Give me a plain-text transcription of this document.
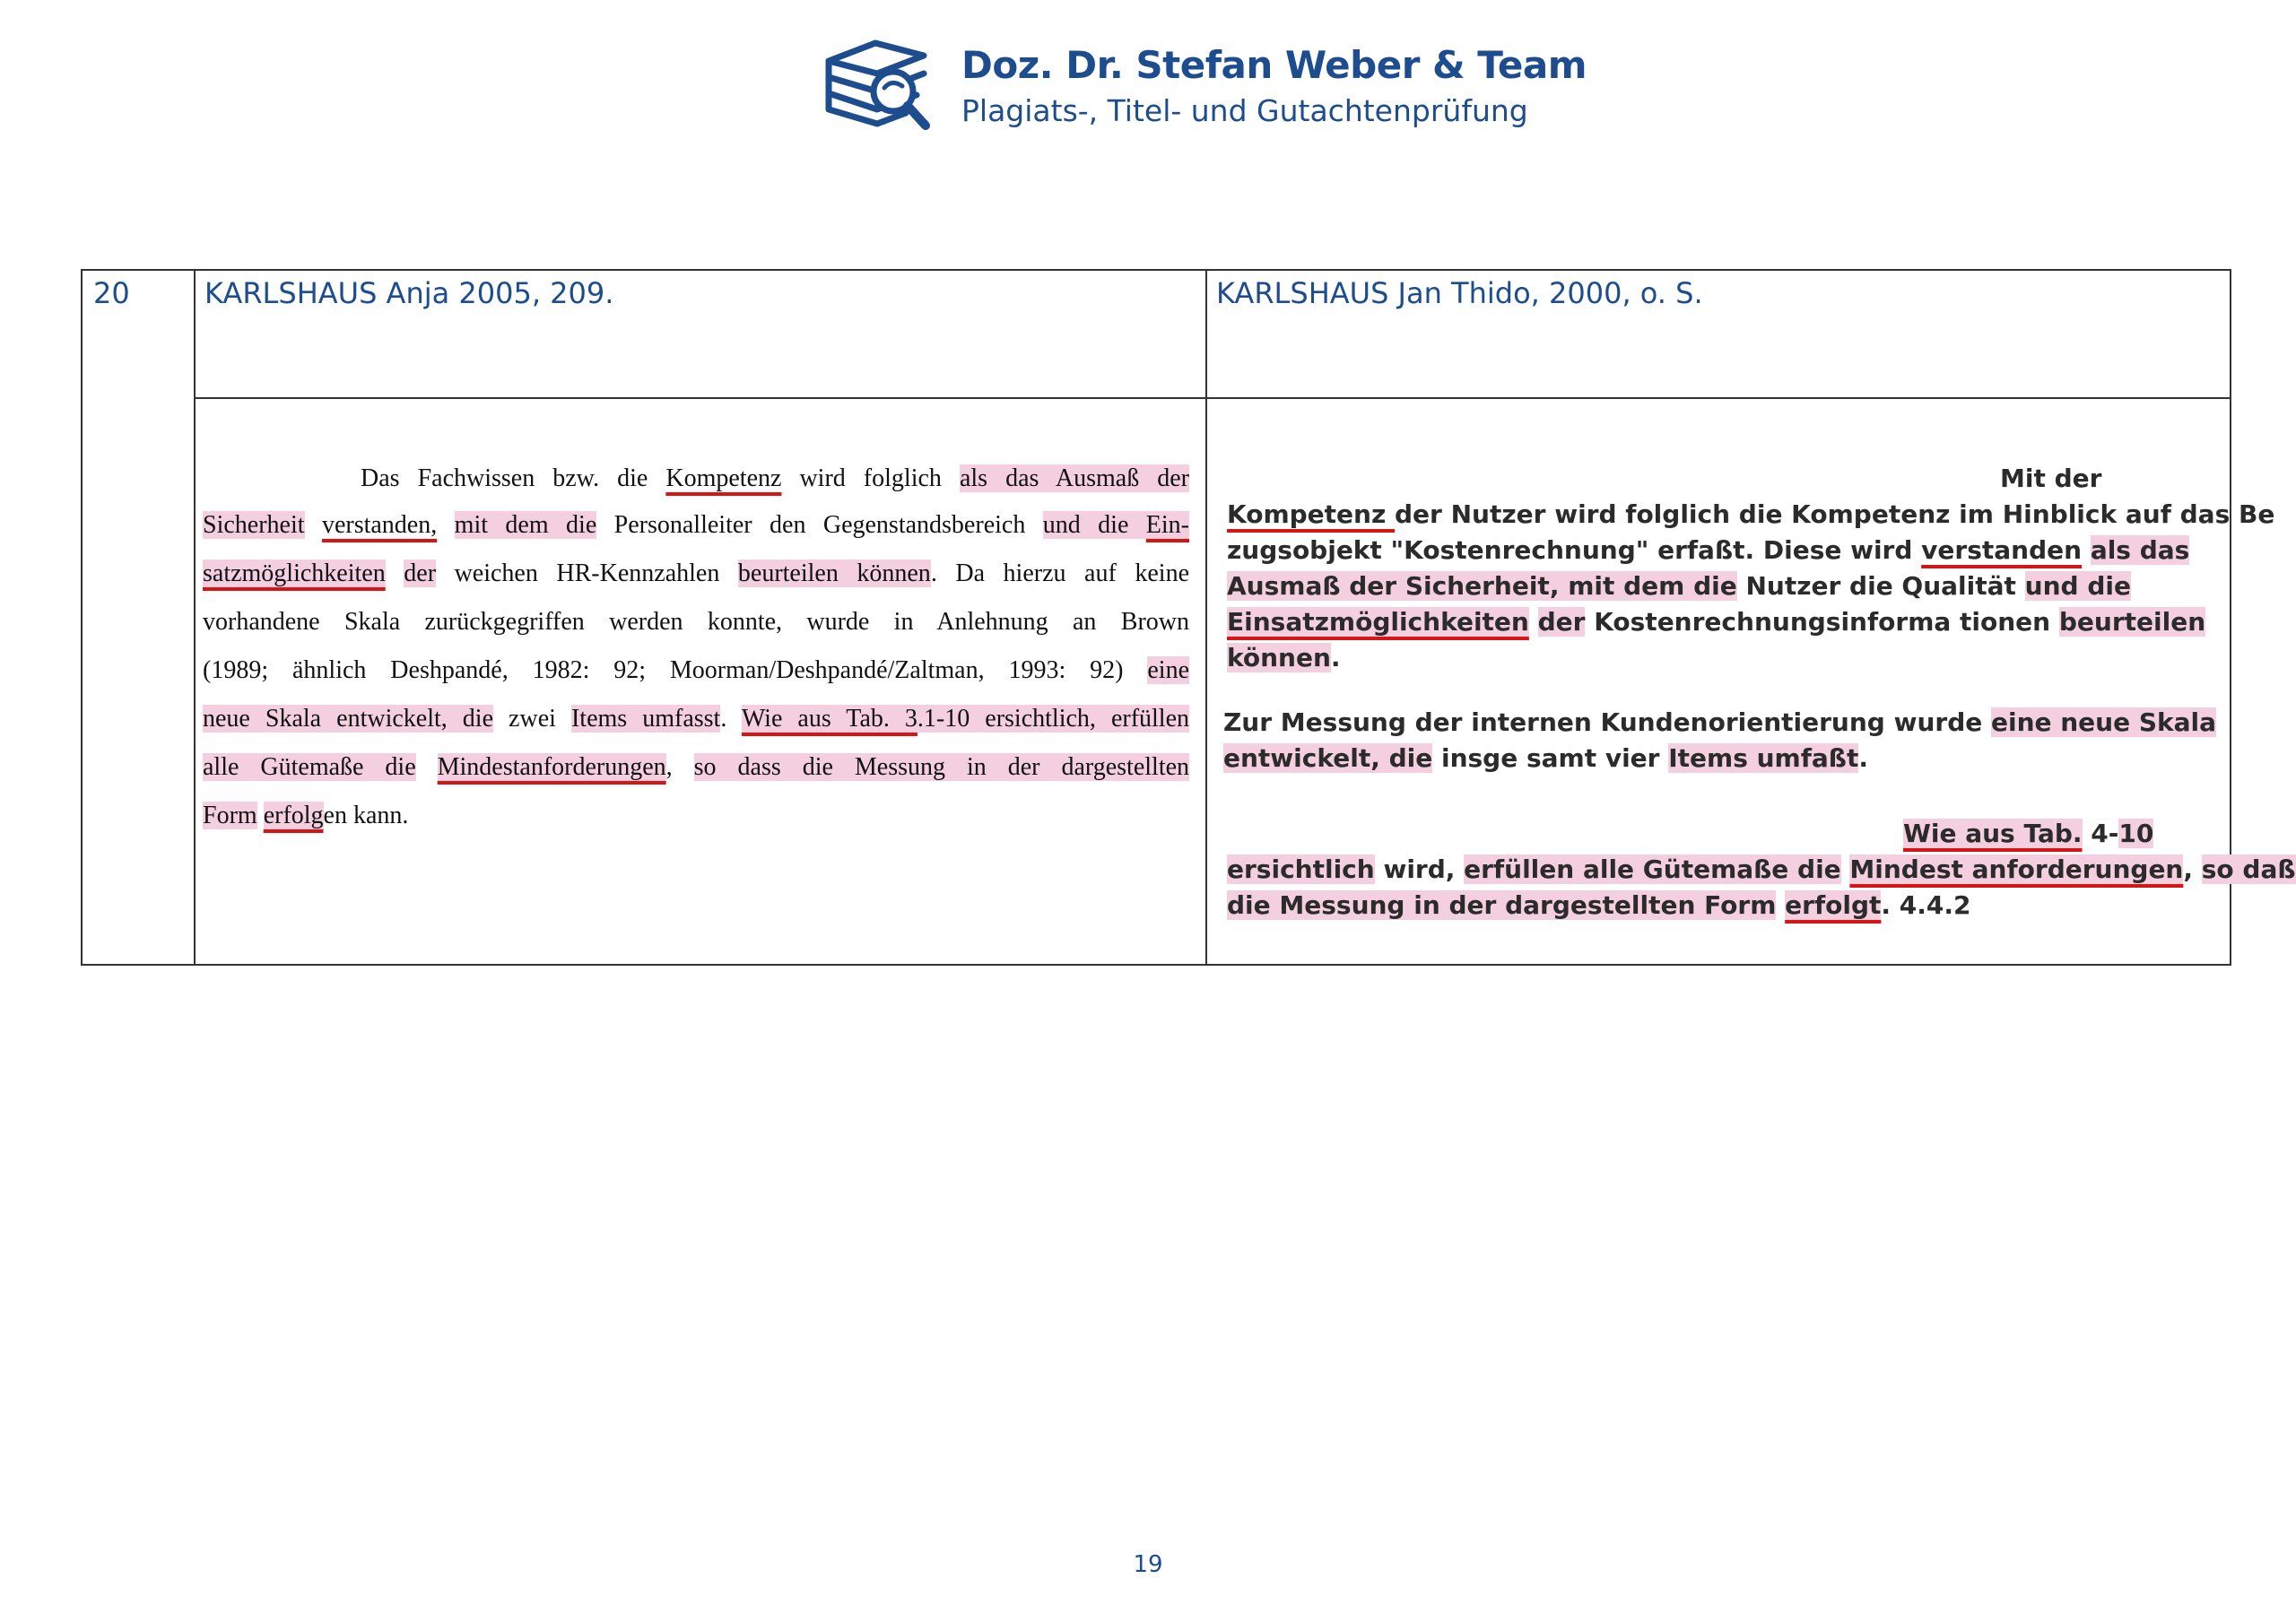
Doz. Dr. Stefan Weber & Team
Plagiats-, Titel- und Gutachtenprüfung
20	KARLSHAUS Anja 2005, 209.	KARLSHAUS Jan Thido, 2000, o. S.
Das Fachwissen bzw. die Kompetenz wird folglich als das Ausmaß der
Sicherheit verstanden, mit dem die Personalleiter den Gegenstandsbereich und die Ein-
satzmöglichkeiten der weichen HR-Kennzahlen beurteilen können. Da hierzu auf keine
vorhandene Skala zurückgegriffen werden konnte, wurde in Anlehnung an Brown
(1989; ähnlich Deshpandé, 1982: 92; Moorman/Deshpandé/Zaltman, 1993: 92) eine
neue Skala entwickelt, die zwei Items umfasst. Wie aus Tab. 3.1-10 ersichtlich, erfüllen
alle Gütemaße die Mindestanforderungen, so dass die Messung in der dargestellten
Form erfolgen kann.
Mit der
Kompetenz der Nutzer wird folglich die Kompetenz im Hinblick auf das Be
zugsobjekt "Kostenrechnung" erfaßt. Diese wird verstanden als das
Ausmaß der Sicherheit, mit dem die Nutzer die Qualität und die
Einsatzmöglichkeiten der Kostenrechnungsinforma tionen beurteilen
können.
Zur Messung der internen Kundenorientierung wurde eine neue Skala
entwickelt, die insge samt vier Items umfaßt.
Wie aus Tab. 4-10
ersichtlich wird, erfüllen alle Gütemaße die Mindest anforderungen, so daß
die Messung in der dargestellten Form erfolgt. 4.4.2
19
